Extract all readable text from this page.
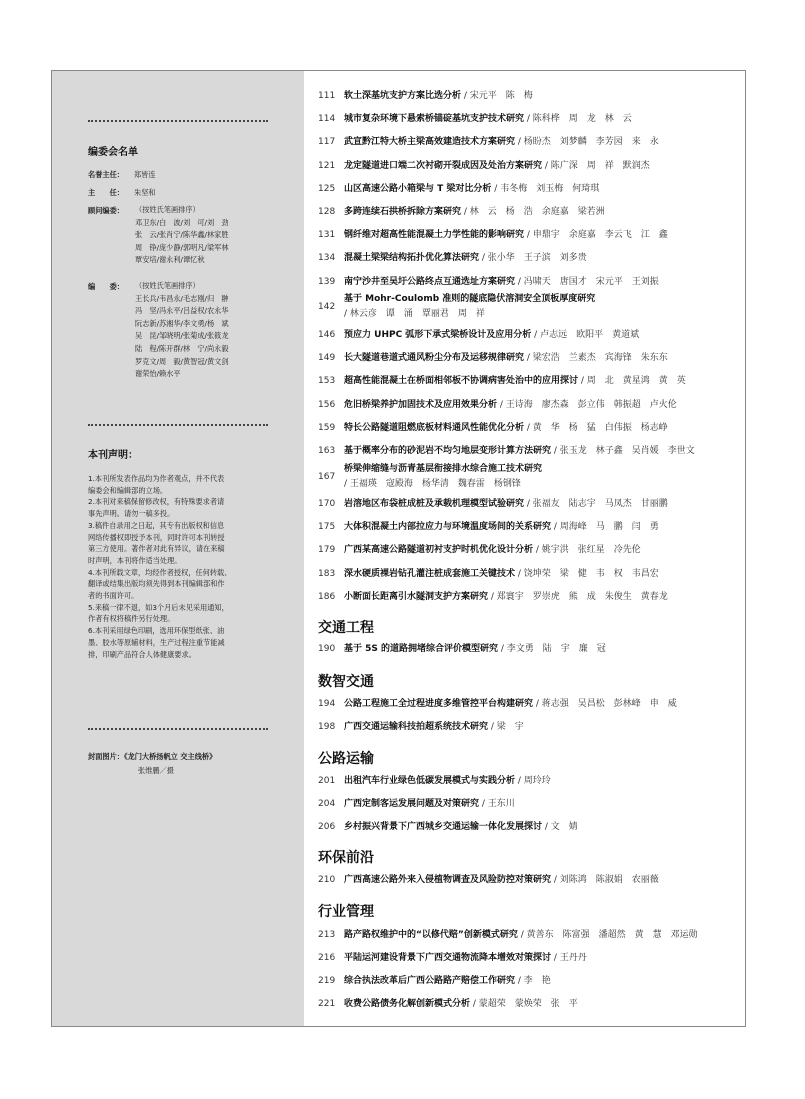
编委会名单
名誉主任： 郑皆连
主　　任： 朱坚和
顾问编委：	（按姓氏笔画排序）
邓卫东/白　波/刘　可/刘　劲
张　云/张肖宁/陈华鑫/林家胜
周　铮/庞少静/郭明凡/梁军林
覃安培/谢永利/谭忆秋
编　　委：	（按姓氏笔画排序）
王长兵/韦昌永/毛志刚/归　翀
冯　坚/冯永平/吕益权/农永华
阮志新/苏湘华/李文勇/杨　斌
吴　昆/邹晓明/张菊成/张筱龙
陆　程/陈开群/林　宁/尚永毅
罗克文/周　毅/黄智冠/黄文剑
谢荣怡/赖水平
本刊声明：
1.本刊所发表作品均为作者观点，并不代表
编委会和编辑部的立场。
2.本刊对来稿保留修改权，有特殊要求者请
事先声明。请勿一稿多投。
3.稿件自录用之日起，其专有出版权和信息
网络传播权即授予本刊，同时许可本刊转授
第三方使用。著作者对此有异议，请在来稿
时声明，本刊将作适当处理。
4.本刊所载文章，均经作者授权，任何转载、
翻译或结集出版均须先得到本刊编辑部和作
者的书面许可。
5.来稿一律不退，如3个月后未见采用通知，
作者有权将稿件另行处理。
6.本刊采用绿色印刷，选用环保型纸张、油
墨、胶水等原辅材料，生产过程注重节能减
排，印刷产品符合人体健康要求。
封面图片：《龙门大桥扬帆立 交主线桥》
张维鹏／摄
交通工程
数智交通
公路运输
环保前沿
行业管理
111 软土深基坑支护方案比选分析 / 宋元平　陈　梅
114 城市复杂环境下悬索桥锚碇基坑支护技术研究 / 陈科桦　周　龙　林　云
117 武宣黔江特大桥主梁高效建造技术方案研究 / 杨盼杰　刘梦麟　李芳园　来　永
121 龙定隧道进口端二次衬砌开裂成因及处治方案研究 / 陈广深　周　祥　默润杰
125 山区高速公路小箱梁与 T 梁对比分析 / 韦冬梅　刘玉梅　何琦琪
128 多跨连续石拱桥拆除方案研究 / 林　云　杨　浩　余庭嘉　梁若洲
131 钢纤维对超高性能混凝土力学性能的影响研究 / 申鼎宇　余庭嘉　李云飞　江　鑫
134 混凝土梁梁结构拓扑优化算法研究 / 张小华　王子滨　刘多贵
139 南宁沙井至吴圩公路终点互通选址方案研究 / 冯啸天　唐国才　宋元平　王刘振
142基于 Mohr-Coulomb 准则的隧底隐伏溶洞安全顶板厚度研究
/ 林云彦　谭　涌　覃丽君　周　祥
146 预应力 UHPC 弧形下承式梁桥设计及应用分析 / 卢志远　欧阳平　黄道斌
149 长大隧道巷道式通风粉尘分布及运移规律研究 / 梁宏浩　兰素杰　宾海锋　朱东东
153 超高性能混凝土在桥面相邻板不协调病害处治中的应用探讨 / 周　北　黄星鸿　黄　英
156 危旧桥梁养护加固技术及应用效果分析 / 王诗海　廖杰森　彭立伟　韩振超　卢火伦
159 特长公路隧道阻燃底板材料通风性能优化分析 / 黄　华　杨　猛　白伟振　杨志峥
163 基于概率分布的砂泥岩不均匀地层变形计算方法研究 / 张玉龙　林子鑫　吴肖媛　李世文
167桥梁伸缩缝与沥青基层衔接排水综合施工技术研究
/ 王福瑛　寇殿海　杨华清　魏春雷　杨钢锋
170 岩溶地区布袋桩成桩及承载机理模型试验研究 / 张福友　陆志宇　马凤杰　甘丽鹏
175 大体积混凝土内部拉应力与环境温度场间的关系研究 / 周海峰　马　鹏　闫　勇
179 广西某高速公路隧道初衬支护时机优化设计分析 / 姚宇洪　张红星　冷先伦
183 深水硬质裸岩钻孔灌注桩成套施工关键技术 / 饶坤荣　梁　健　韦　权　韦昌宏
186 小断面长距离引水隧洞支护方案研究 / 郑寰宇　罗崇虎　熊　成　朱俊生　黄春龙
190 基于 5S 的道路拥堵综合评价模型研究 / 李文勇　陆　宇　廉　冠
194 公路工程施工全过程进度多维管控平台构建研究 / 蒋志强　吴昌松　彭林峰　申　威
198 广西交通运输科技拍超系统技术研究 / 梁　宇
201 出租汽车行业绿色低碳发展模式与实践分析 / 周玲玲
204 广西定制客运发展问题及对策研究 / 王东川
206 乡村振兴背景下广西城乡交通运输一体化发展探讨 / 文　婧
210 广西高速公路外来入侵植物调查及风险防控对策研究 / 刘陈鸿　陈淑娟　农丽薇
213 路产路权维护中的“以修代赔”创新模式研究 / 黄善东　陈富强　潘超然　黄　慧　邓运勋
216 平陆运河建设背景下广西交通物流降本增效对策探讨 / 王丹丹
219 综合执法改革后广西公路路产赔偿工作研究 / 李　艳
221 收费公路债务化解创新模式分析 / 蒙超荣　蒙焕荣　张　平
